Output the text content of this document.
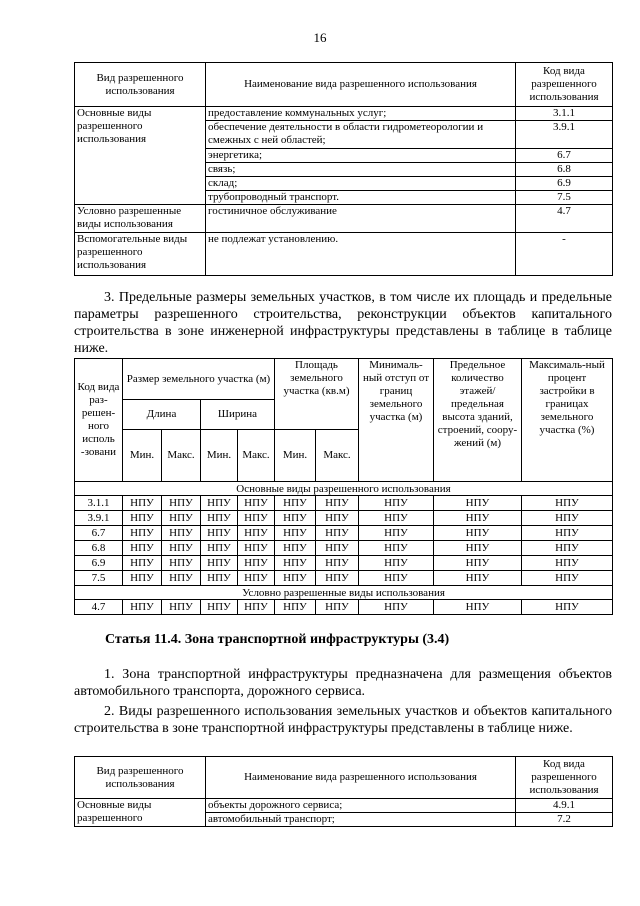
16
Вид разрешенного использования	Наименование вида разрешенного использования	Код вида разрешенного использования
Основные виды разрешенного использования	предоставление коммунальных услуг;	3.1.1
	обеспечение деятельности в области гидрометеорологии и смежных с ней областей;	3.9.1
	энергетика;	6.7
	связь;	6.8
	склад;	6.9
	трубопроводный транспорт.	7.5
Условно разрешенные виды использования	гостиничное обслуживание	4.7
Вспомогательные виды разрешенного использования	не подлежат установлению.	-
3. Предельные размеры земельных участков, в том числе их площадь и предельные параметры разрешенного строительства, реконструкции объектов капитального строительства в зоне инженерной инфраструктуры представлены в таблице в таблице ниже.
Код вида раз-решен-ного исполь -зовани	Размер земельного участка (м)				Площадь земельного участка (кв.м)		Минималь-ный отступ от границ земельного участка (м)	Предельное количество этажей/ предельная высота зданий, строений, соору-жений (м)	Максималь-ный процент застройки в границах земельного участка (%)
	Длина		Ширина						
	Мин.	Макс.	Мин.	Макс.	Мин.	Макс.			
Основные виды разрешенного использования									
3.1.1	НПУ	НПУ	НПУ	НПУ	НПУ	НПУ	НПУ	НПУ	НПУ
3.9.1	НПУ	НПУ	НПУ	НПУ	НПУ	НПУ	НПУ	НПУ	НПУ
6.7	НПУ	НПУ	НПУ	НПУ	НПУ	НПУ	НПУ	НПУ	НПУ
6.8	НПУ	НПУ	НПУ	НПУ	НПУ	НПУ	НПУ	НПУ	НПУ
6.9	НПУ	НПУ	НПУ	НПУ	НПУ	НПУ	НПУ	НПУ	НПУ
7.5	НПУ	НПУ	НПУ	НПУ	НПУ	НПУ	НПУ	НПУ	НПУ
Условно разрешенные виды использования									
4.7	НПУ	НПУ	НПУ	НПУ	НПУ	НПУ	НПУ	НПУ	НПУ
Статья 11.4. Зона транспортной инфраструктуры (3.4)
1. Зона транспортной инфраструктуры предназначена для размещения объектов автомобильного транспорта, дорожного сервиса.
2. Виды разрешенного использования земельных участков и объектов капитального строительства в зоне транспортной инфраструктуры представлены в таблице ниже.
Вид разрешенного использования	Наименование вида разрешенного использования	Код вида разрешенного использования
Основные виды разрешенного	объекты дорожного сервиса;	4.9.1
	автомобильный транспорт;	7.2
